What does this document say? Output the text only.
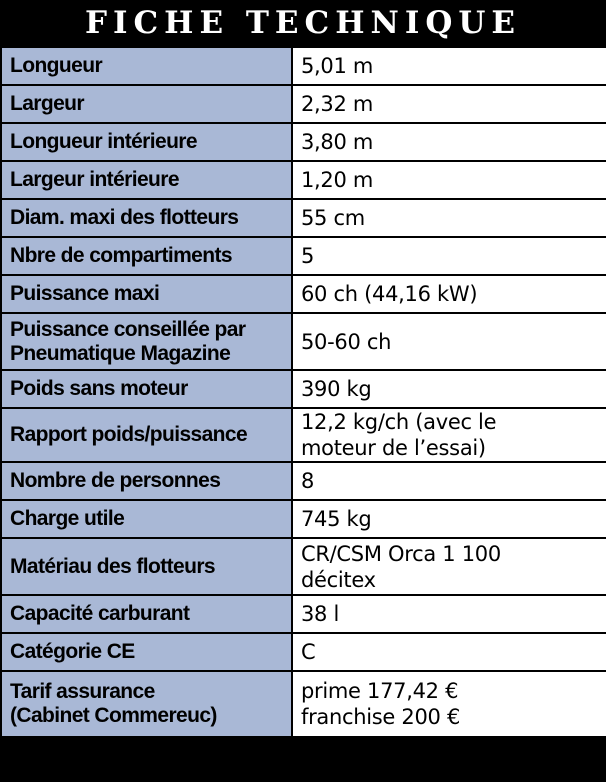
FICHE TECHNIQUE
Longueur	5,01 m

Largeur	2,32 m

Longueur intérieure	3,80 m

Largeur intérieure	1,20 m

Diam. maxi des flotteurs	55 cm

Nbre de compartiments	5

Puissance maxi	60 ch (44,16 kW)

Puissance conseillée par
Pneumatique Magazine	50-60 ch

Poids sans moteur	390 kg

Rapport poids/puissance	12,2 kg/ch (avec le
moteur de l’essai)

Nombre de personnes	8

Charge utile	745 kg

Matériau des flotteurs	CR/CSM Orca 1 100
décitex

Capacité carburant	38 l

Catégorie CE	C

Tarif assurance
(Cabinet Commereuc)	prime 177,42 €
franchise 200 €
